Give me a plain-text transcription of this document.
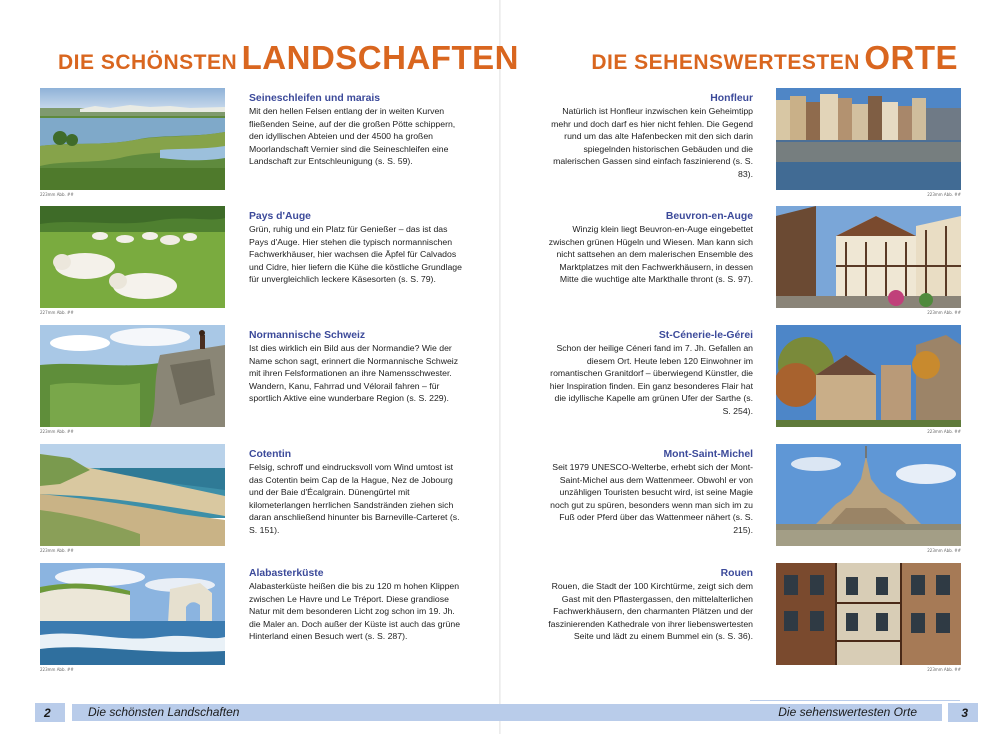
DIE SCHÖNSTEN LANDSCHAFTEN
223mm Abb. ##
Seineschleifen und marais
Mit den hellen Felsen entlang der in weiten Kurven fließenden Seine, auf der die großen Pötte schippern, den idyllischen Abteien und der 4500 ha großen Moorlandschaft Vernier sind die Seineschleifen eine Landschaft zur Entschleunigung (s. S. 59).
227mm Abb. ##
Pays d'Auge
Grün, ruhig und ein Platz für Genießer – das ist das Pays d'Auge. Hier stehen die typisch normannischen Fachwerkhäuser, hier wachsen die Äpfel für Calvados und Cidre, hier liefern die Kühe die köstliche Grundlage für unvergleichlich leckere Käsesorten (s. S. 79).
223mm Abb. ##
Normannische Schweiz
Ist dies wirklich ein Bild aus der Normandie? Wie der Name schon sagt, erinnert die Normannische Schweiz mit ihren Felsformationen an ihre Namensschwester. Wandern, Kanu, Fahrrad und Vélorail fahren – für sportlich Aktive eine wunderbare Region (s. S. 229).
223mm Abb. ##
Cotentin
Felsig, schroff und eindrucksvoll vom Wind umtost ist das Cotentin beim Cap de la Hague, Nez de Jobourg und der Baie d'Écalgrain. Dünengürtel mit kilometerlangen herrlichen Sandstränden ziehen sich daran anschließend hinunter bis Barneville-Carteret (s. S. 151).
223mm Abb. ##
Alabasterküste
Alabasterküste heißen die bis zu 120 m hohen Klippen zwischen Le Havre und Le Tréport. Diese grandiose Natur mit dem besonderen Licht zog schon im 19. Jh. die Maler an. Doch außer der Küste ist auch das grüne Hinterland einen Besuch wert (s. S. 287).
DIE SEHENSWERTESTEN ORTE
223mm Abb. ##
Honfleur
Natürlich ist Honfleur inzwischen kein Geheimtipp mehr und doch darf es hier nicht fehlen. Die Gegend rund um das alte Hafenbecken mit den sich darin spiegelnden historischen Gebäuden und die malerischen Gassen sind einfach faszinierend (s. S. 83).
223mm Abb. ##
Beuvron-en-Auge
Winzig klein liegt Beuvron-en-Auge eingebettet zwischen grünen Hügeln und Wiesen. Man kann sich nicht sattsehen an dem malerischen Ensemble des Marktplatzes mit den Fachwerkhäusern, in dessen Mitte die wuchtige alte Markthalle thront (s. S. 97).
223mm Abb. ##
St-Cénerie-le-Gérei
Schon der heilige Céneri fand im 7. Jh. Gefallen an diesem Ort. Heute leben 120 Einwohner im romantischen Granitdorf – überwiegend Künstler, die hier Inspiration finden. Ein ganz besonderes Flair hat die idyllische Kapelle am grünen Ufer der Sarthe (s. S. 254).
223mm Abb. ##
Mont-Saint-Michel
Seit 1979 UNESCO-Welterbe, erhebt sich der Mont-Saint-Michel aus dem Wattenmeer. Obwohl er von unzähligen Touristen besucht wird, ist seine Magie noch gut zu spüren, besonders wenn man sich im zu Fuß oder Pferd über das Wattenmeer nähert (s. S. 215).
223mm Abb. ##
Rouen
Rouen, die Stadt der 100 Kirchtürme, zeigt sich dem Gast mit den Pflastergassen, den mittelalterlichen Fachwerkhäusern, den charmanten Plätzen und der faszinierenden Kathedrale von ihrer liebenswertesten Seite und lädt zu einem Bummel ein (s. S. 36).
2	Die schönsten Landschaften	3
Die sehenswertesten Orte
